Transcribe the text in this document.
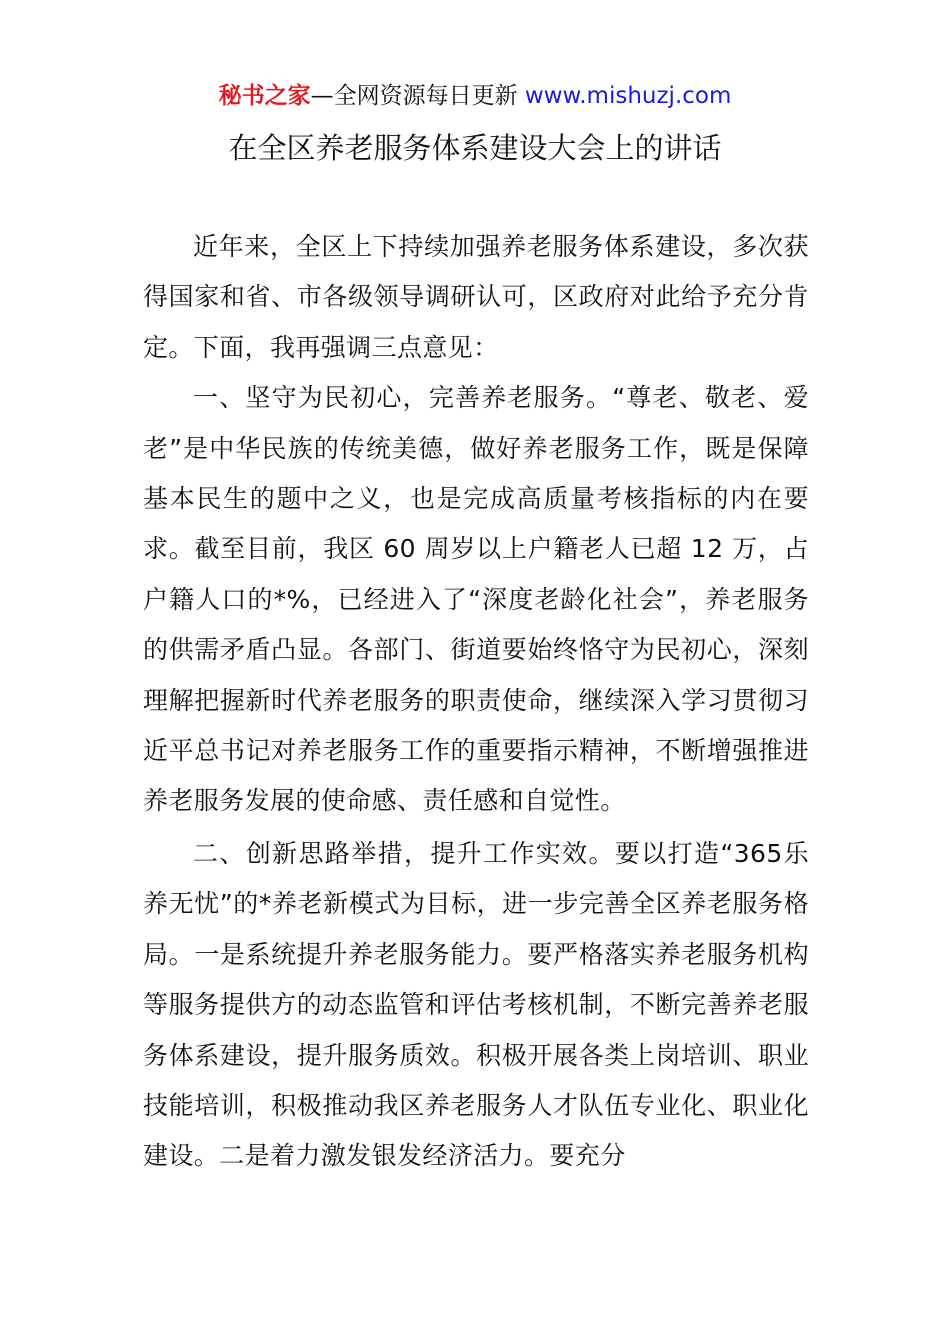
秘书之家—全网资源每日更新 www.mishuzj.com
在全区养老服务体系建设大会上的讲话

近年来，全区上下持续加强养老服务体系建设，多次获得国家和省、市各级领导调研认可，区政府对此给予充分肯定。下面，我再强调三点意见：

一、坚守为民初心，完善养老服务。“尊老、敬老、爱老”是中华民族的传统美德，做好养老服务工作，既是保障基本民生的题中之义，也是完成高质量考核指标的内在要求。截至目前，我区 60 周岁以上户籍老人已超 12 万，占户籍人口的*%，已经进入了“深度老龄化社会”，养老服务的供需矛盾凸显。各部门、街道要始终恪守为民初心，深刻理解把握新时代养老服务的职责使命，继续深入学习贯彻习近平总书记对养老服务工作的重要指示精神，不断增强推进养老服务发展的使命感、责任感和自觉性。

二、创新思路举措，提升工作实效。要以打造“365乐养无忧”的*养老新模式为目标，进一步完善全区养老服务格局。一是系统提升养老服务能力。要严格落实养老服务机构等服务提供方的动态监管和评估考核机制，不断完善养老服务体系建设，提升服务质效。积极开展各类上岗培训、职业技能培训，积极推动我区养老服务人才队伍专业化、职业化建设。二是着力激发银发经济活力。要充分
